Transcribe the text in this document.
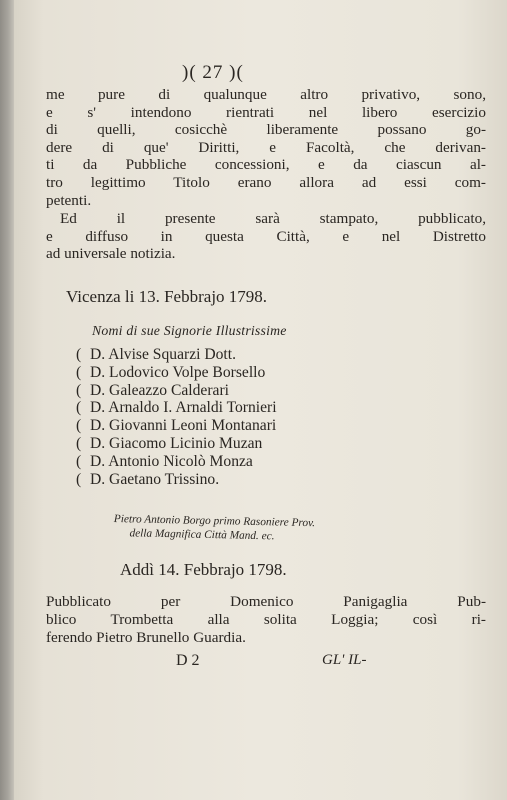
)( 27 )(
me pure di qualunque altro privativo, sono,
e s' intendono rientrati nel libero esercizio
di quelli, cosicchè liberamente possano go-
dere di que' Diritti, e Facoltà, che derivan-
ti da Pubbliche concessioni, e da ciascun al-
tro legittimo Titolo erano allora ad essi com-
petenti.
Ed il presente sarà stampato, pubblicato,
e diffuso in questa Città, e nel Distretto
ad universale notizia.
Vicenza li 13. Febbrajo 1798.
Nomi di sue Signorie Illustrissime
( D. Alvise Squarzi Dott.
( D. Lodovico Volpe Borsello
( D. Galeazzo Calderari
( D. Arnaldo I. Arnaldi Tornieri
( D. Giovanni Leoni Montanari
( D. Giacomo Licinio Muzan
( D. Antonio Nicolò Monza
( D. Gaetano Trissino.
Pietro Antonio Borgo primo Rasoniere Prov.
della Magnifica Città Mand. ec.
Addì 14. Febbrajo 1798.
Pubblicato per Domenico Panigaglia Pub-
blico Trombetta alla solita Loggia; così ri-
ferendo Pietro Brunello Guardia.
D 2	GL' IL-
